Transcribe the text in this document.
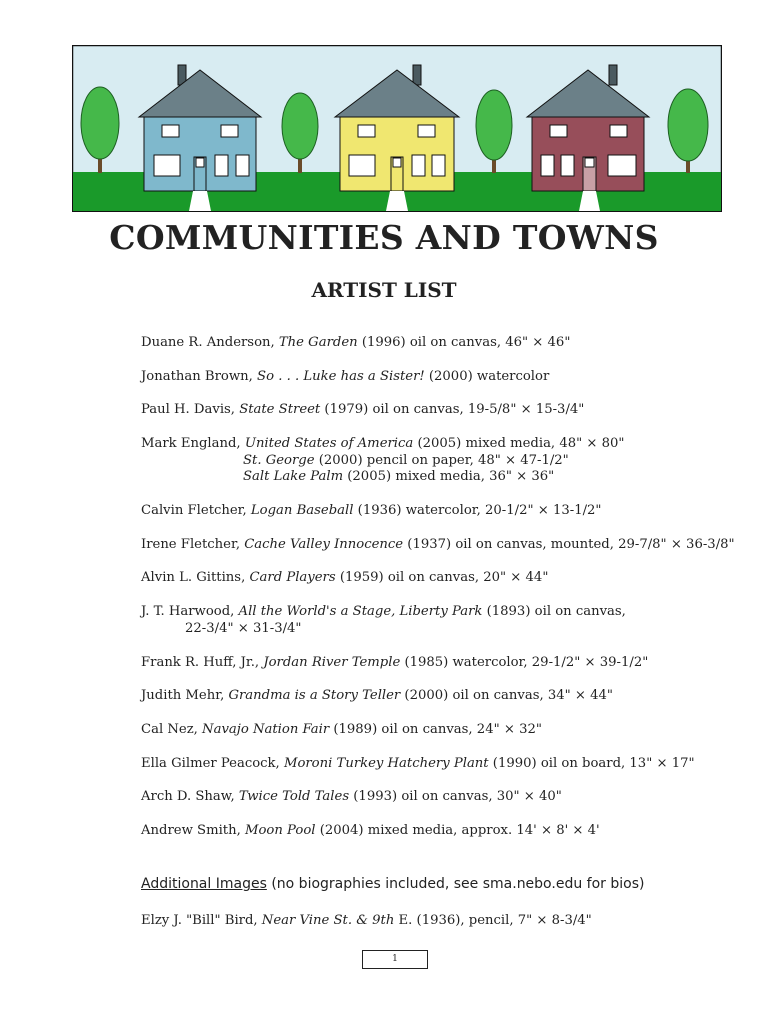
COMMUNITIES AND TOWNS
ARTIST LIST
Duane R. Anderson, The Garden (1996) oil on canvas, 46" × 46"
Jonathan Brown, So . . . Luke has a Sister! (2000) watercolor
Paul H. Davis, State Street (1979) oil on canvas, 19-5/8" × 15-3/4"
Mark England, United States of America (2005) mixed media, 48" × 80"
St. George (2000) pencil on paper, 48" × 47-1/2"
Salt Lake Palm (2005) mixed media, 36" × 36"
Calvin Fletcher, Logan Baseball (1936) watercolor, 20-1/2" × 13-1/2"
Irene Fletcher, Cache Valley Innocence (1937) oil on canvas, mounted, 29-7/8" × 36-3/8"
Alvin L. Gittins, Card Players (1959) oil on canvas, 20" × 44"
J. T. Harwood, All the World's a Stage, Liberty Park (1893) oil on canvas,
22-3/4" × 31-3/4"
Frank R. Huff, Jr., Jordan River Temple (1985) watercolor, 29-1/2" × 39-1/2"
Judith Mehr, Grandma is a Story Teller (2000) oil on canvas, 34" × 44"
Cal Nez, Navajo Nation Fair (1989) oil on canvas, 24" × 32"
Ella Gilmer Peacock, Moroni Turkey Hatchery Plant (1990) oil on board, 13" × 17"
Arch D. Shaw, Twice Told Tales (1993) oil on canvas, 30" × 40"
Andrew Smith, Moon Pool (2004) mixed media, approx. 14' × 8' × 4'
Additional Images (no biographies included, see sma.nebo.edu for bios)
Elzy J. "Bill" Bird, Near Vine St. & 9th E. (1936), pencil, 7" × 8-3/4"
1
